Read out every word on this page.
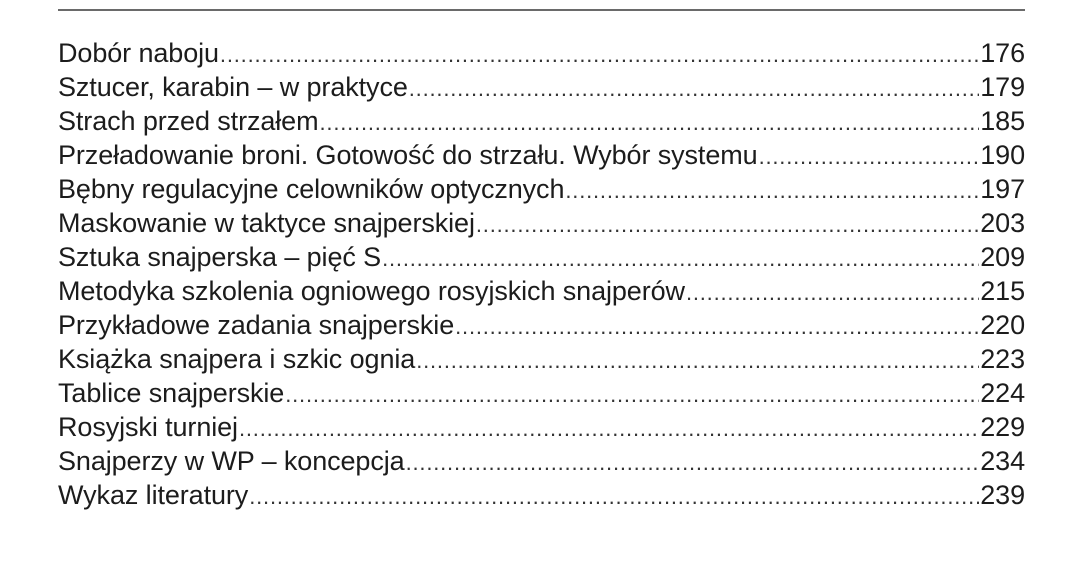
Dobór naboju .....	176
Sztucer, karabin – w praktyce .....	179
Strach przed strzałem .....	185
Przeładowanie broni. Gotowość do strzału. Wybór systemu .....	190
Bębny regulacyjne celowników optycznych .....	197
Maskowanie w taktyce snajperskiej .....	203
Sztuka snajperska – pięć S .....	209
Metodyka szkolenia ogniowego rosyjskich snajperów .....	215
Przykładowe zadania snajperskie .....	220
Książka snajpera i szkic ognia .....	223
Tablice snajperskie .....	224
Rosyjski turniej .....	229
Snajperzy w WP – koncepcja .....	234
Wykaz literatury .....	239
